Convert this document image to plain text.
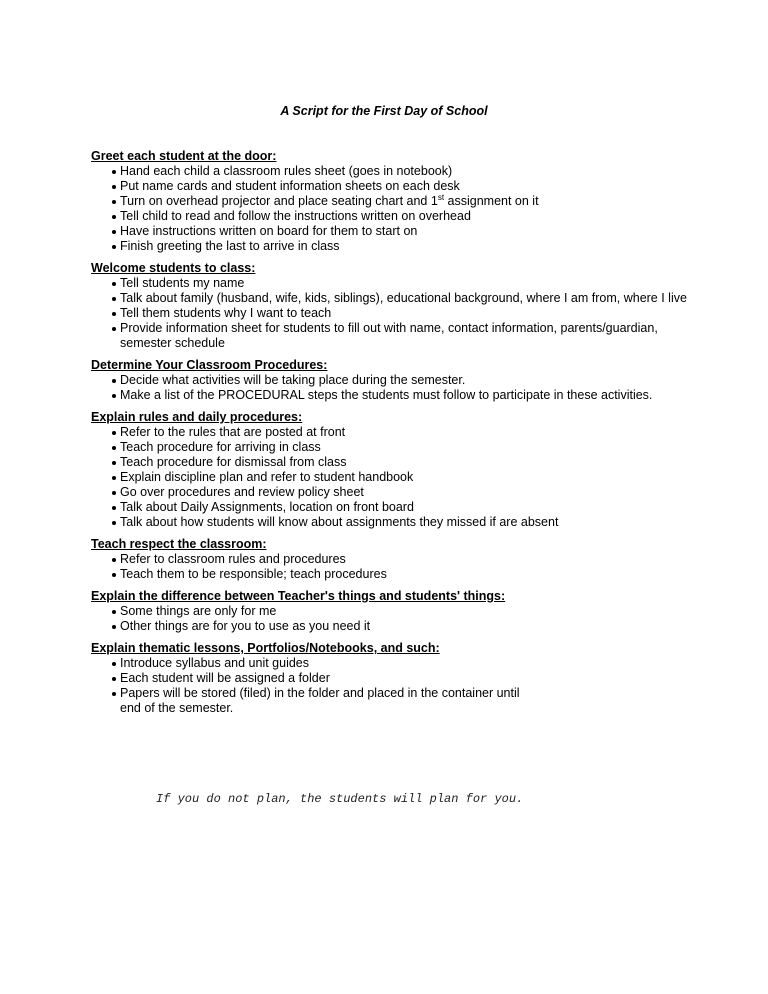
A Script for the First Day of School

Greet each student at the door:

Hand each child a classroom rules sheet (goes in notebook)
Put name cards and student information sheets on each desk
Turn on overhead projector and place seating chart and 1st assignment on it
Tell child to read and follow the instructions written on overhead
Have instructions written on board for them to start on
Finish greeting the last to arrive in class

Welcome students to class:

Tell students my name
Talk about family (husband, wife, kids, siblings), educational background, where I am from, where I live
Tell them students why I want to teach
Provide information sheet for students to fill out with name, contact information, parents/guardian, semester schedule

Determine Your Classroom Procedures:

Decide what activities will be taking place during the semester.
Make a list of the PROCEDURAL steps the students must follow to participate in these activities.

Explain rules and daily procedures:

Refer to the rules that are posted at front
Teach procedure for arriving in class
Teach procedure for dismissal from class
Explain discipline plan and refer to student handbook
Go over procedures and review policy sheet
Talk about Daily Assignments, location on front board
Talk about how students will know about assignments they missed if are absent

Teach respect the classroom:

Refer to classroom rules and procedures
Teach them to be responsible; teach procedures

Explain the difference between Teacher's things and students' things:

Some things are only for me
Other things are for you to use as you need it

Explain thematic lessons, Portfolios/Notebooks, and such:

Introduce syllabus and unit guides
Each student will be assigned a folder
Papers will be stored (filed) in the folder and placed in the container until end of the semester.
If you do not plan, the students will plan for you.
